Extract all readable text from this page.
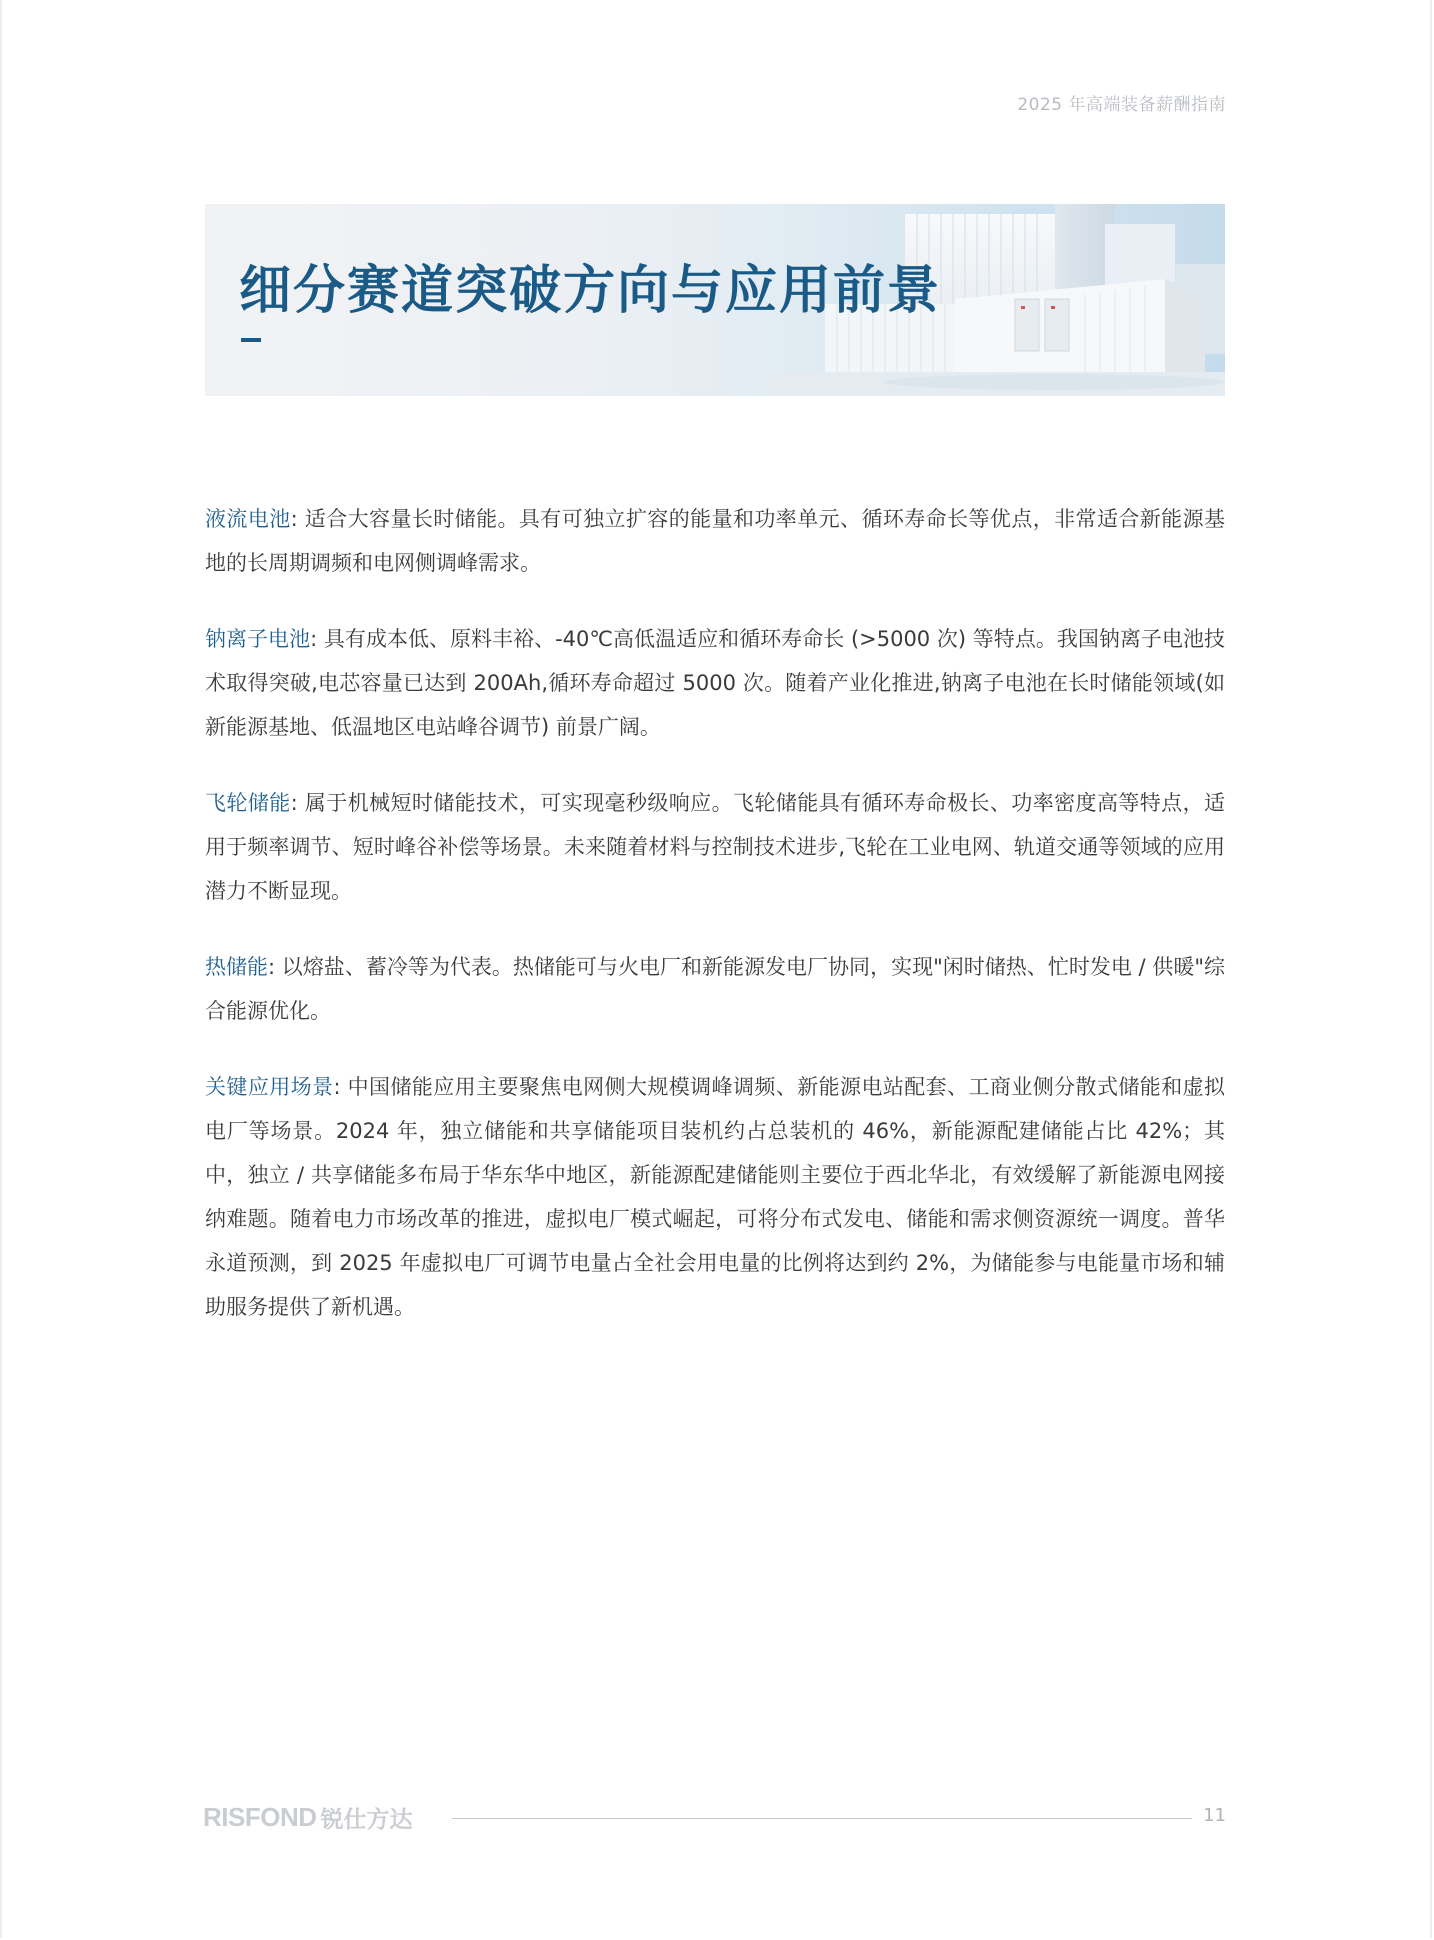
2025 年高端装备薪酬指南
细分赛道突破方向与应用前景

液流电池: 适合大容量长时储能。具有可独立扩容的能量和功率单元、循环寿命长等优点，非常适合新能源基地的长周期调频和电网侧调峰需求。

钠离子电池: 具有成本低、原料丰裕、-40℃高低温适应和循环寿命长 (>5000 次) 等特点。我国钠离子电池技术取得突破,电芯容量已达到 200Ah,循环寿命超过 5000 次。随着产业化推进,钠离子电池在长时储能领域(如新能源基地、低温地区电站峰谷调节) 前景广阔。

飞轮储能: 属于机械短时储能技术，可实现毫秒级响应。飞轮储能具有循环寿命极长、功率密度高等特点，适用于频率调节、短时峰谷补偿等场景。未来随着材料与控制技术进步,飞轮在工业电网、轨道交通等领域的应用潜力不断显现。

热储能: 以熔盐、蓄冷等为代表。热储能可与火电厂和新能源发电厂协同，实现"闲时储热、忙时发电 / 供暖"综合能源优化。

关键应用场景: 中国储能应用主要聚焦电网侧大规模调峰调频、新能源电站配套、工商业侧分散式储能和虚拟电厂等场景。2024 年，独立储能和共享储能项目装机约占总装机的 46%，新能源配建储能占比 42%；其中，独立 / 共享储能多布局于华东华中地区，新能源配建储能则主要位于西北华北，有效缓解了新能源电网接纳难题。随着电力市场改革的推进，虚拟电厂模式崛起，可将分布式发电、储能和需求侧资源统一调度。普华永道预测，到 2025 年虚拟电厂可调节电量占全社会用电量的比例将达到约 2%，为储能参与电能量市场和辅助服务提供了新机遇。

RISFOND 锐仕方达	11
